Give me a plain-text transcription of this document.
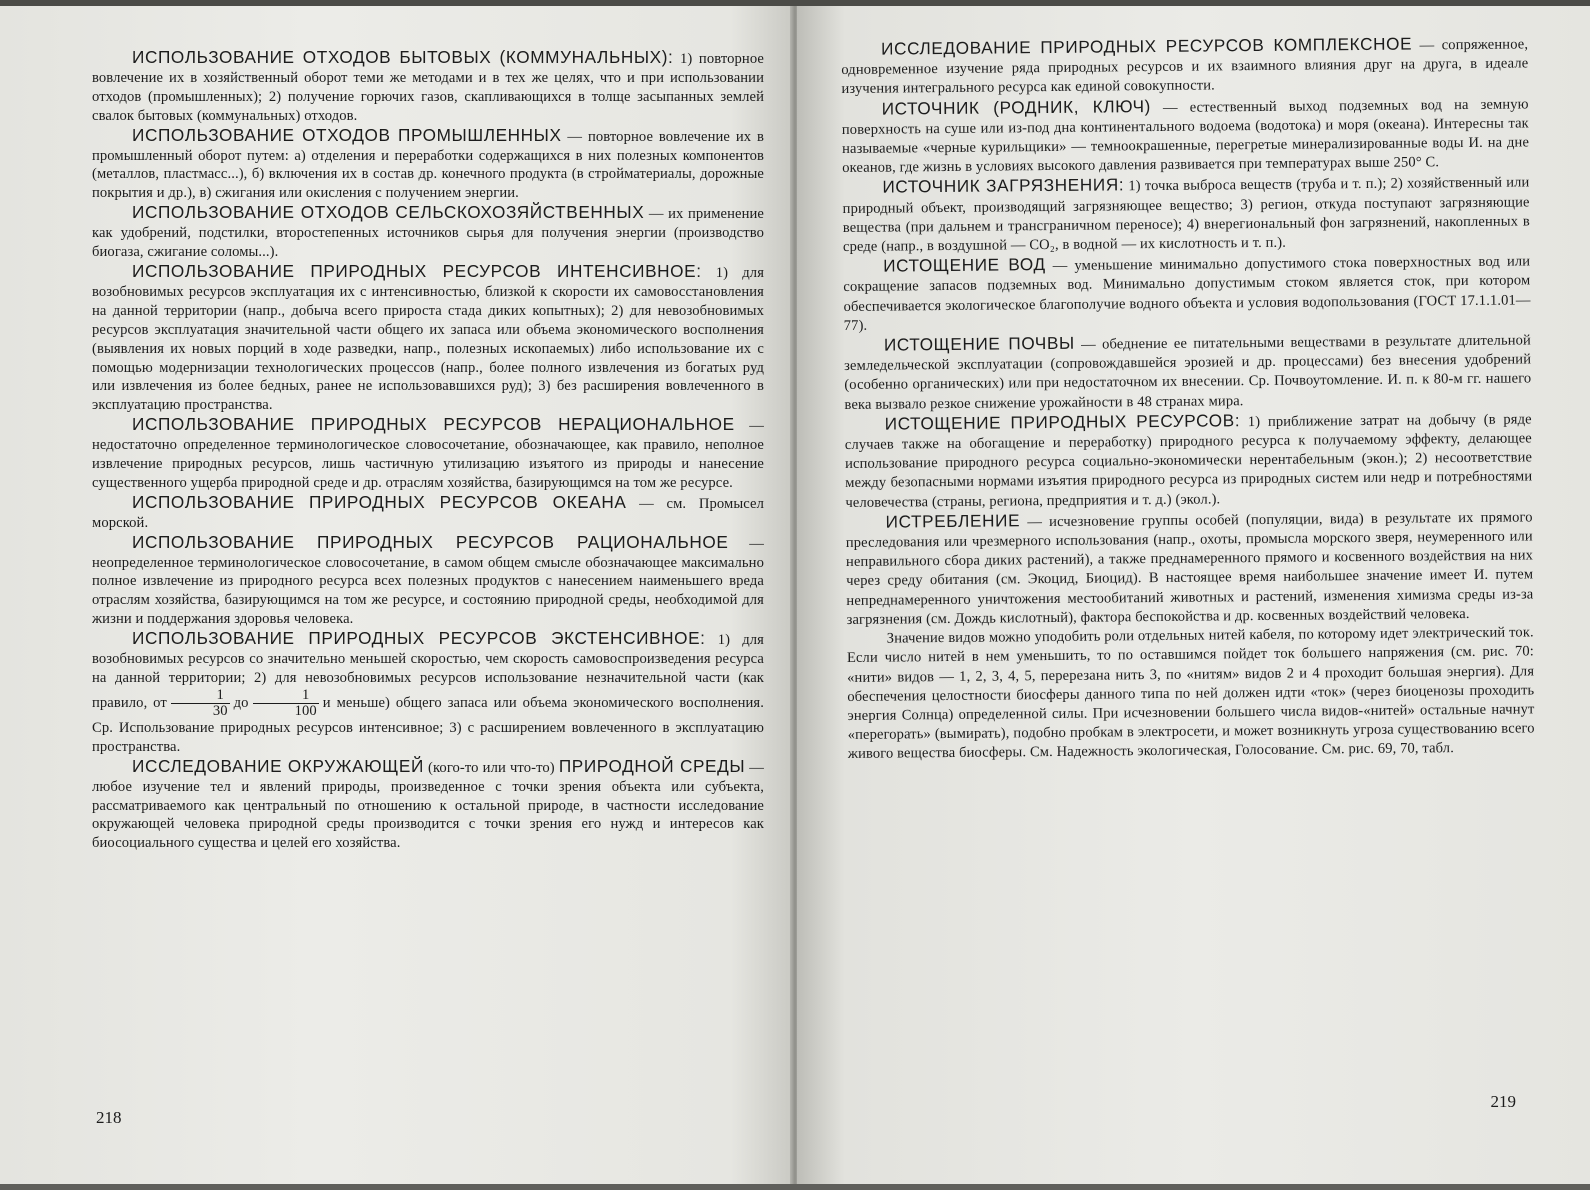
ИСПОЛЬЗОВАНИЕ ОТХОДОВ БЫТОВЫХ (КОММУНАЛЬНЫХ): 1) повторное вовлечение их в хозяйственный оборот теми же методами и в тех же целях, что и при использовании отходов (промышленных); 2) получение горючих газов, скапливающихся в толще засыпанных землей свалок бытовых (коммунальных) отходов.

ИСПОЛЬЗОВАНИЕ ОТХОДОВ ПРОМЫШЛЕННЫХ — повторное вовлечение их в промышленный оборот путем: а) отделения и переработки содержащихся в них полезных компонентов (металлов, пластмасс...), б) включения их в состав др. конечного продукта (в стройматериалы, дорожные покрытия и др.), в) сжигания или окисления с получением энергии.

ИСПОЛЬЗОВАНИЕ ОТХОДОВ СЕЛЬСКОХОЗЯЙСТВЕННЫХ — их применение как удобрений, подстилки, второстепенных источников сырья для получения энергии (производство биогаза, сжигание соломы...).

ИСПОЛЬЗОВАНИЕ ПРИРОДНЫХ РЕСУРСОВ ИНТЕНСИВНОЕ: 1) для возобновимых ресурсов эксплуатация их с интенсивностью, близкой к скорости их самовосстановления на данной территории (напр., добыча всего прироста стада диких копытных); 2) для невозобновимых ресурсов эксплуатация значительной части общего их запаса или объема экономического восполнения (выявления их новых порций в ходе разведки, напр., полезных ископаемых) либо использование их с помощью модернизации технологических процессов (напр., более полного извлечения из богатых руд или извлечения из более бедных, ранее не использовавшихся руд); 3) без расширения вовлеченного в эксплуатацию пространства.

ИСПОЛЬЗОВАНИЕ ПРИРОДНЫХ РЕСУРСОВ НЕРАЦИОНАЛЬНОЕ — недостаточно определенное терминологическое словосочетание, обозначающее, как правило, неполное извлечение природных ресурсов, лишь частичную утилизацию изъятого из природы и нанесение существенного ущерба природной среде и др. отраслям хозяйства, базирующимся на том же ресурсе.

ИСПОЛЬЗОВАНИЕ ПРИРОДНЫХ РЕСУРСОВ ОКЕАНА — см. Промысел морской.

ИСПОЛЬЗОВАНИЕ ПРИРОДНЫХ РЕСУРСОВ РАЦИОНАЛЬНОЕ — неопределенное терминологическое словосочетание, в самом общем смысле обозначающее максимально полное извлечение из природного ресурса всех полезных продуктов с нанесением наименьшего вреда отраслям хозяйства, базирующимся на том же ресурсе, и состоянию природной среды, необходимой для жизни и поддержания здоровья человека.

ИСПОЛЬЗОВАНИЕ ПРИРОДНЫХ РЕСУРСОВ ЭКСТЕНСИВНОЕ: 1) для возобновимых ресурсов со значительно меньшей скоростью, чем скорость самовоспроизведения ресурса на данной территории; 2) для невозобновимых ресурсов использование незначительной части (как правило, от $\frac{1}{30}$ до $\frac{1}{100}$ и меньше) общего запаса или объема экономического восполнения. Ср. Использование природных ресурсов интенсивное; 3) с расширением вовлеченного в эксплуатацию пространства.

ИССЛЕДОВАНИЕ ОКРУЖАЮЩЕЙ (кого-то или что-то) ПРИРОДНОЙ СРЕДЫ — любое изучение тел и явлений природы, произведенное с точки зрения объекта или субъекта, рассматриваемого как центральный по отношению к остальной природе, в частности исследование окружающей человека природной среды производится с точки зрения его нужд и интересов как биосоциального существа и целей его хозяйства.

218

ИССЛЕДОВАНИЕ ПРИРОДНЫХ РЕСУРСОВ КОМПЛЕКСНОЕ — сопряженное, одновременное изучение ряда природных ресурсов и их взаимного влияния друг на друга, в идеале изучения интегрального ресурса как единой совокупности.

ИСТОЧНИК (РОДНИК, КЛЮЧ) — естественный выход подземных вод на земную поверхность на суше или из-под дна континентального водоема (водотока) и моря (океана). Интересны так называемые «черные курильщики» — темноокрашенные, перегретые минерализированные воды И. на дне океанов, где жизнь в условиях высокого давления развивается при температурах выше 250° С.

ИСТОЧНИК ЗАГРЯЗНЕНИЯ: 1) точка выброса веществ (труба и т. п.); 2) хозяйственный или природный объект, производящий загрязняющее вещество; 3) регион, откуда поступают загрязняющие вещества (при дальнем и трансграничном переносе); 4) внерегиональный фон загрязнений, накопленных в среде (напр., в воздушной — CO₂, в водной — их кислотность и т. п.).

ИСТОЩЕНИЕ ВОД — уменьшение минимально допустимого стока поверхностных вод или сокращение запасов подземных вод. Минимально допустимым стоком является сток, при котором обеспечивается экологическое благополучие водного объекта и условия водопользования (ГОСТ 17.1.1.01—77).

ИСТОЩЕНИЕ ПОЧВЫ — обеднение ее питательными веществами в результате длительной земледельческой эксплуатации (сопровождавшейся эрозией и др. процессами) без внесения удобрений (особенно органических) или при недостаточном их внесении. Ср. Почвоутомление. И. п. к 80-м гг. нашего века вызвало резкое снижение урожайности в 48 странах мира.

ИСТОЩЕНИЕ ПРИРОДНЫХ РЕСУРСОВ: 1) приближение затрат на добычу (в ряде случаев также на обогащение и переработку) природного ресурса к получаемому эффекту, делающее использование природного ресурса социально-экономически нерентабельным (экон.); 2) несоответствие между безопасными нормами изъятия природного ресурса из природных систем или недр и потребностями человечества (страны, региона, предприятия и т. д.) (экол.).

ИСТРЕБЛЕНИЕ — исчезновение группы особей (популяции, вида) в результате их прямого преследования или чрезмерного использования (напр., охоты, промысла морского зверя, неумеренного или неправильного сбора диких растений), а также преднамеренного прямого и косвенного воздействия на них через среду обитания (см. Экоцид, Биоцид). В настоящее время наибольшее значение имеет И. путем непреднамеренного уничтожения местообитаний животных и растений, изменения химизма среды из-за загрязнения (см. Дождь кислотный), фактора беспокойства и др. косвенных воздействий человека.

Значение видов можно уподобить роли отдельных нитей кабеля, по которому идет электрический ток. Если число нитей в нем уменьшить, то по оставшимся пойдет ток большего напряжения (см. рис. 70: «нити» видов — 1, 2, 3, 4, 5, перерезана нить 3, по «нитям» видов 2 и 4 проходит большая энергия). Для обеспечения целостности биосферы данного типа по ней должен идти «ток» (через биоценозы проходить энергия Солнца) определенной силы. При исчезновении большего числа видов-«нитей» остальные начнут «перегорать» (вымирать), подобно пробкам в электросети, и может возникнуть угроза существованию всего живого вещества биосферы. См. Надежность экологическая, Голосование. См. рис. 69, 70, табл.

219
